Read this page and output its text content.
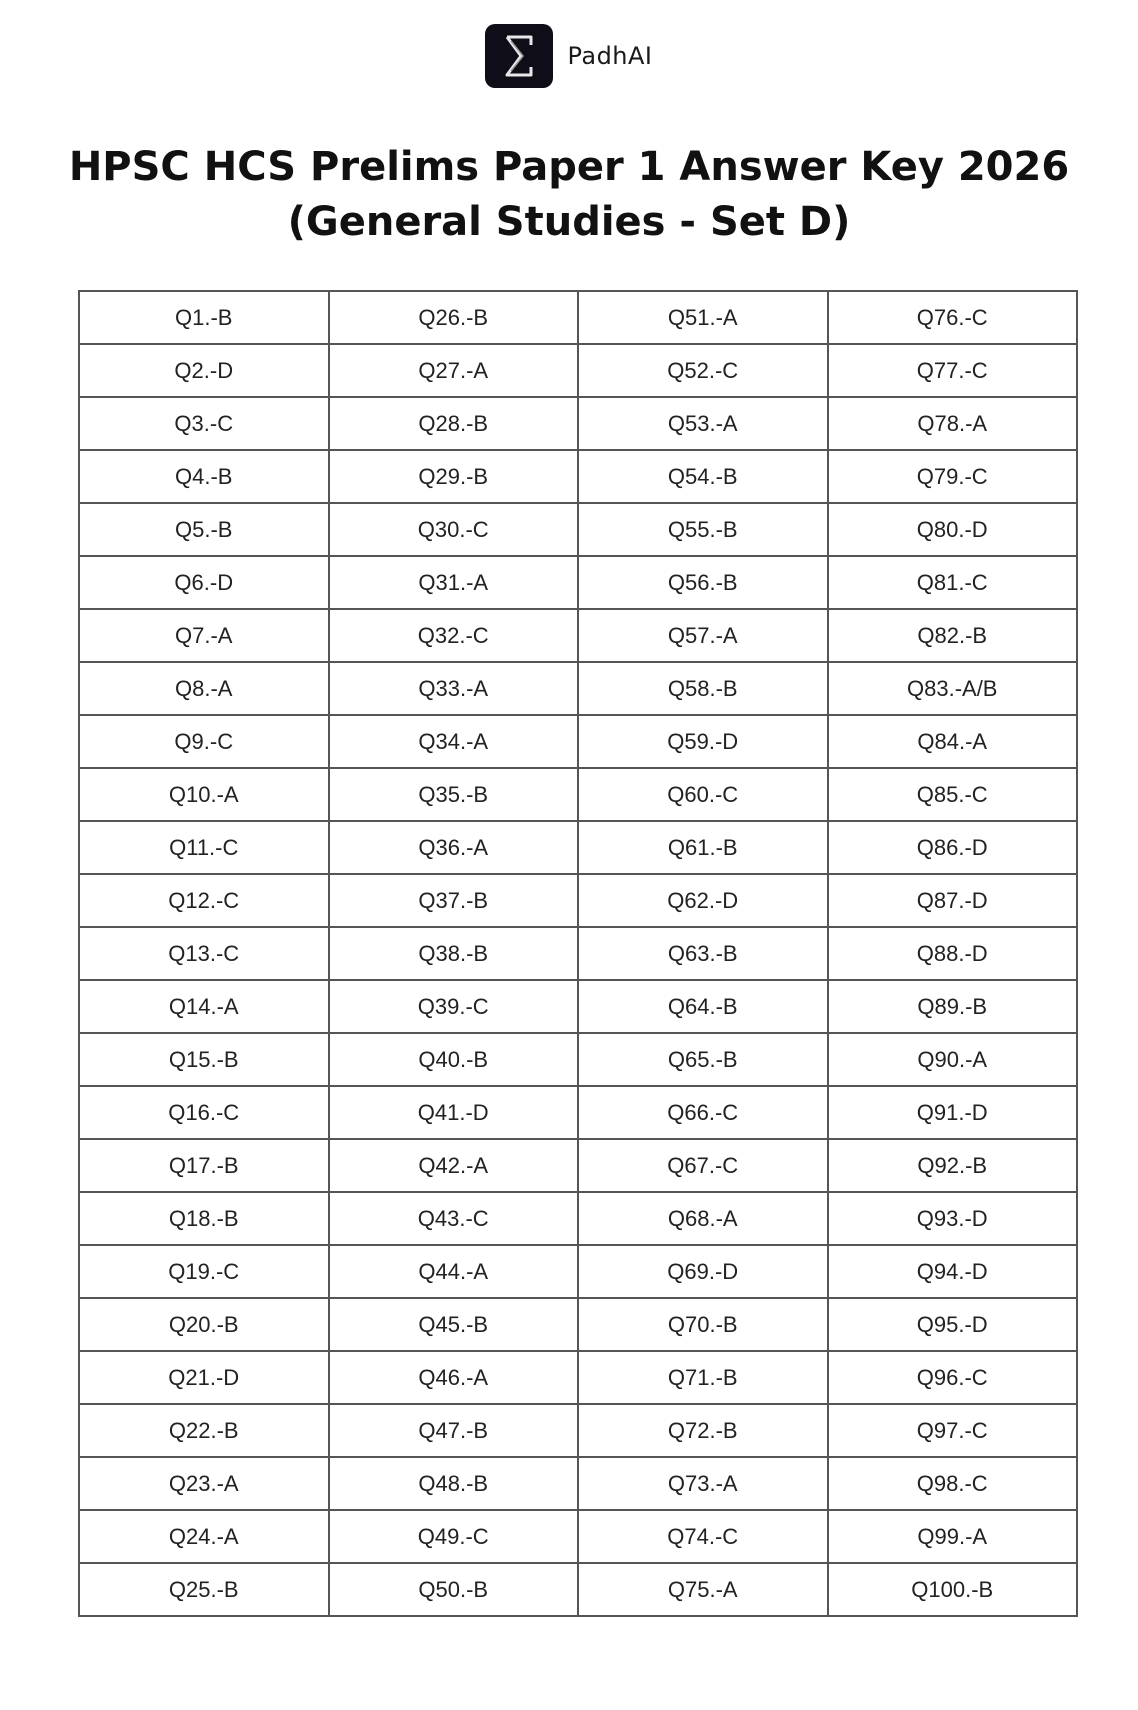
PadhAI
HPSC HCS Prelims Paper 1 Answer Key 2026
(General Studies - Set D)
Q1.-B	Q26.-B	Q51.-A	Q76.-C
Q2.-D	Q27.-A	Q52.-C	Q77.-C
Q3.-C	Q28.-B	Q53.-A	Q78.-A
Q4.-B	Q29.-B	Q54.-B	Q79.-C
Q5.-B	Q30.-C	Q55.-B	Q80.-D
Q6.-D	Q31.-A	Q56.-B	Q81.-C
Q7.-A	Q32.-C	Q57.-A	Q82.-B
Q8.-A	Q33.-A	Q58.-B	Q83.-A/B
Q9.-C	Q34.-A	Q59.-D	Q84.-A
Q10.-A	Q35.-B	Q60.-C	Q85.-C
Q11.-C	Q36.-A	Q61.-B	Q86.-D
Q12.-C	Q37.-B	Q62.-D	Q87.-D
Q13.-C	Q38.-B	Q63.-B	Q88.-D
Q14.-A	Q39.-C	Q64.-B	Q89.-B
Q15.-B	Q40.-B	Q65.-B	Q90.-A
Q16.-C	Q41.-D	Q66.-C	Q91.-D
Q17.-B	Q42.-A	Q67.-C	Q92.-B
Q18.-B	Q43.-C	Q68.-A	Q93.-D
Q19.-C	Q44.-A	Q69.-D	Q94.-D
Q20.-B	Q45.-B	Q70.-B	Q95.-D
Q21.-D	Q46.-A	Q71.-B	Q96.-C
Q22.-B	Q47.-B	Q72.-B	Q97.-C
Q23.-A	Q48.-B	Q73.-A	Q98.-C
Q24.-A	Q49.-C	Q74.-C	Q99.-A
Q25.-B	Q50.-B	Q75.-A	Q100.-B
